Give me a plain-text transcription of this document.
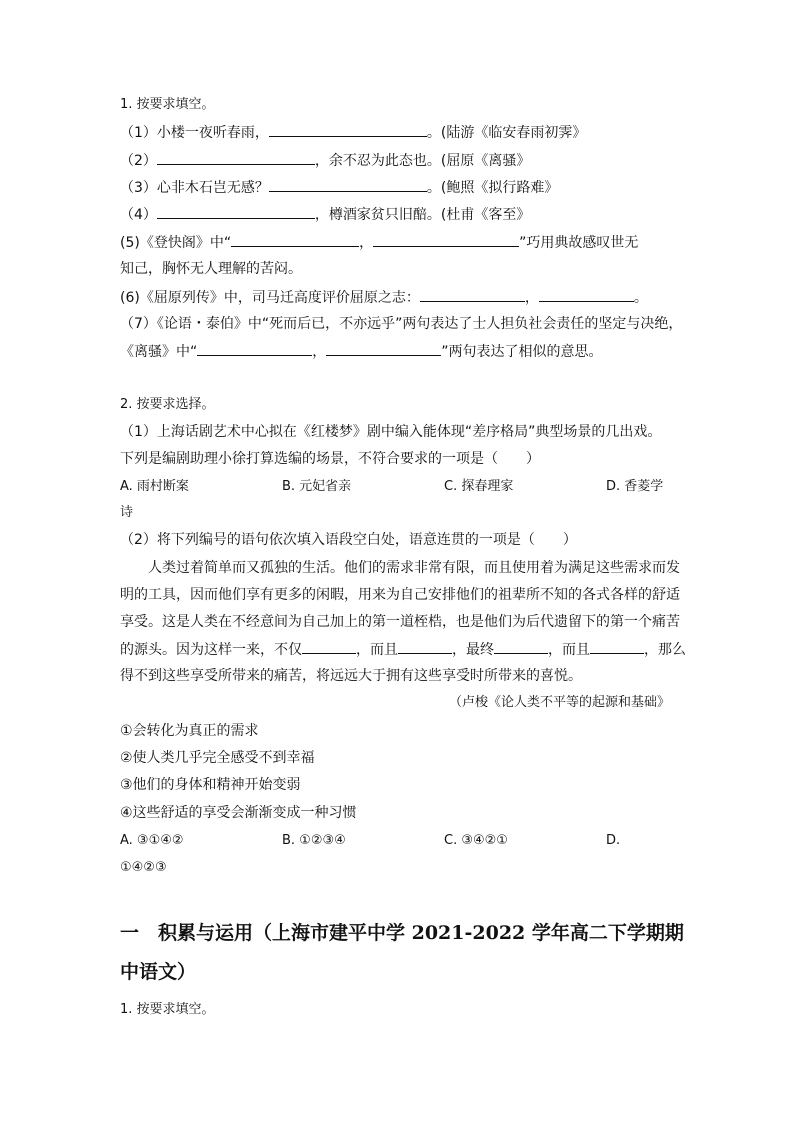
1. 按要求填空。
（1）小楼一夜听春雨，	。(陆游《临安春雨初霁》
（2）	，余不忍为此态也。(屈原《离骚》
（3）心非木石岂无感？	。(鲍照《拟行路难》
（4）	，樽酒家贫只旧醅。(杜甫《客至》
(5)《登快阁》中“	，	”巧用典故感叹世无
知己，胸怀无人理解的苦闷。
(6)《屈原列传》中，司马迁高度评价屈原之志：	，	。
（7）《论语・泰伯》中“死而后已，不亦远乎”两句表达了士人担负社会责任的坚定与决绝，
《离骚》中“	，	”两句表达了相似的意思。
2. 按要求选择。
（1）上海话剧艺术中心拟在《红楼梦》剧中编入能体现“差序格局”典型场景的几出戏。
下列是编剧助理小徐打算选编的场景，不符合要求的一项是（　　）
A. 雨村断案	B. 元妃省亲	C. 探春理家	D. 香菱学
诗
（2）将下列编号的语句依次填入语段空白处，语意连贯的一项是（　　）
人类过着简单而又孤独的生活。他们的需求非常有限，而且使用着为满足这些需求而发
明的工具，因而他们享有更多的闲暇，用来为自己安排他们的祖辈所不知的各式各样的舒适
享受。这是人类在不经意间为自己加上的第一道桎梏，也是他们为后代遗留下的第一个痛苦
的源头。因为这样一来，不仅	，而且	，最终	，而且	，那么
得不到这些享受所带来的痛苦，将远远大于拥有这些享受时所带来的喜悦。
（卢梭《论人类不平等的起源和基础》
①会转化为真正的需求
②使人类几乎完全感受不到幸福
③他们的身体和精神开始变弱
④这些舒适的享受会渐渐变成一种习惯
A. ③①④②	B. ①②③④	C. ③④②①	D.
①④②③
一　积累与运用（上海市建平中学 2021-2022 学年高二下学期期
中语文）
1. 按要求填空。
